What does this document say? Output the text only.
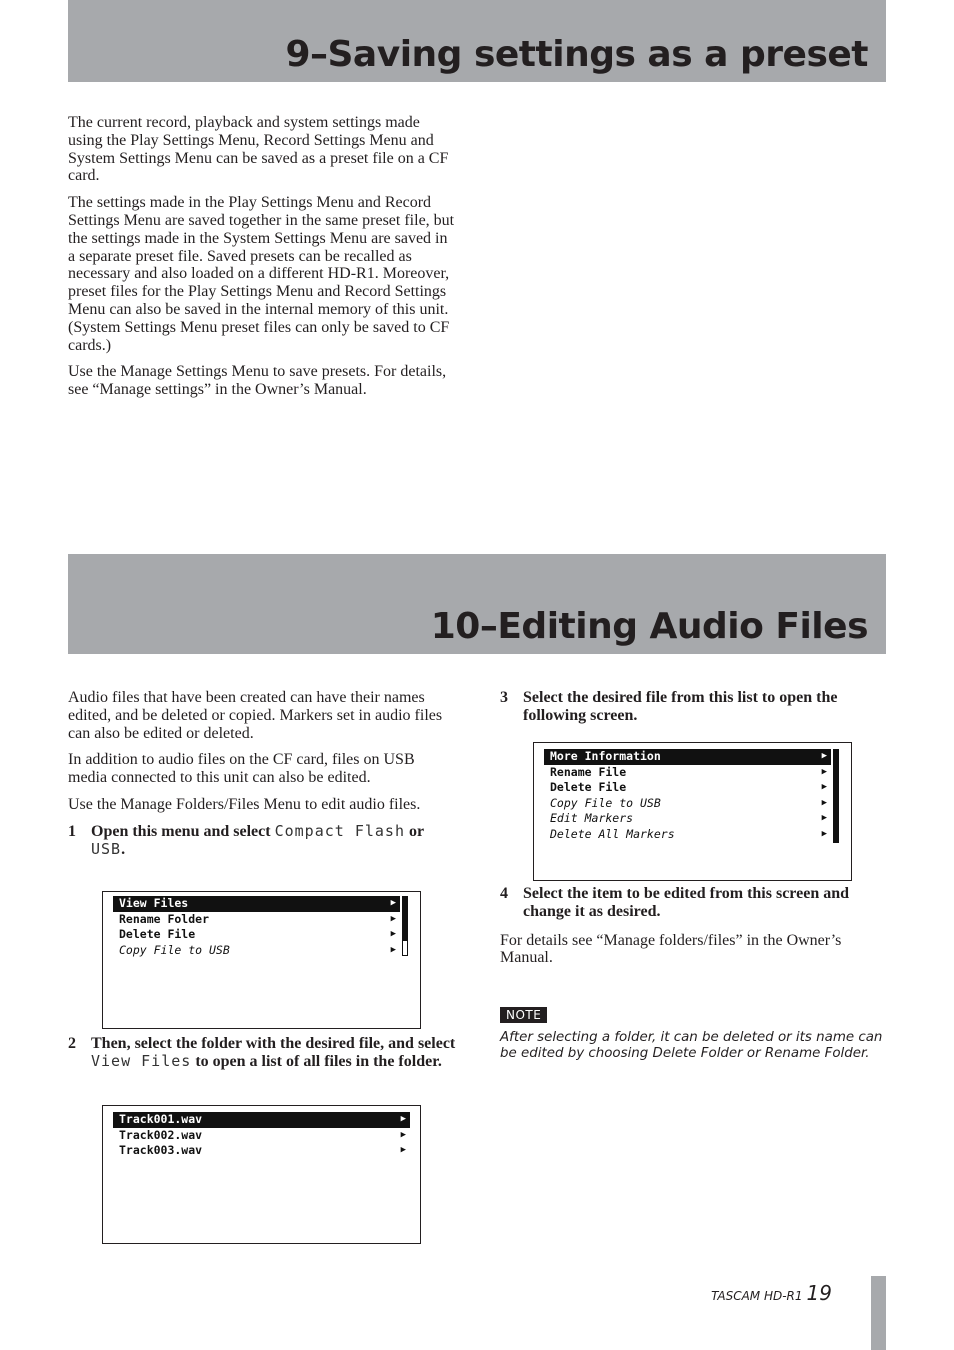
9–Saving settings as a preset

The current record, playback and system settings made using the Play Settings Menu, Record Settings Menu and System Settings Menu can be saved as a preset file on a CF card.

The settings made in the Play Settings Menu and Record Settings Menu are saved together in the same preset file, but the settings made in the System Settings Menu are saved in a separate preset file. Saved presets can be recalled as necessary and also loaded on a different HD-R1. Moreover, preset files for the Play Settings Menu and Record Settings Menu can also be saved in the internal memory of this unit. (System Settings Menu preset files can only be saved to CF cards.)

Use the Manage Settings Menu to save presets. For details, see “Manage settings” in the Owner’s Manual.

10–Editing Audio Files

Audio files that have been created can have their names edited, and be deleted or copied. Markers set in audio files can also be edited or deleted.

In addition to audio files on the CF card, files on USB media connected to this unit can also be edited.

Use the Manage Folders/Files Menu to edit audio files.

1 Open this menu and select Compact Flash or USB.
View Files	▶
Rename Folder	▶
Delete File	▶
Copy File to USB	▶
2 Then, select the folder with the desired file, and select View Files to open a list of all files in the folder.
Track001.wav	▶
Track002.wav	▶
Track003.wav	▶
3 Select the desired file from this list to open the following screen.
More Information	▶
Rename File	▶
Delete File	▶
Copy File to USB	▶
Edit Markers	▶
Delete All Markers	▶
4 Select the item to be edited from this screen and change it as desired.

For details see “Manage folders/files” in the Owner’s Manual.

NOTE
After selecting a folder, it can be deleted or its name can be edited by choosing Delete Folder or Rename Folder.
TASCAM HD-R1 19
